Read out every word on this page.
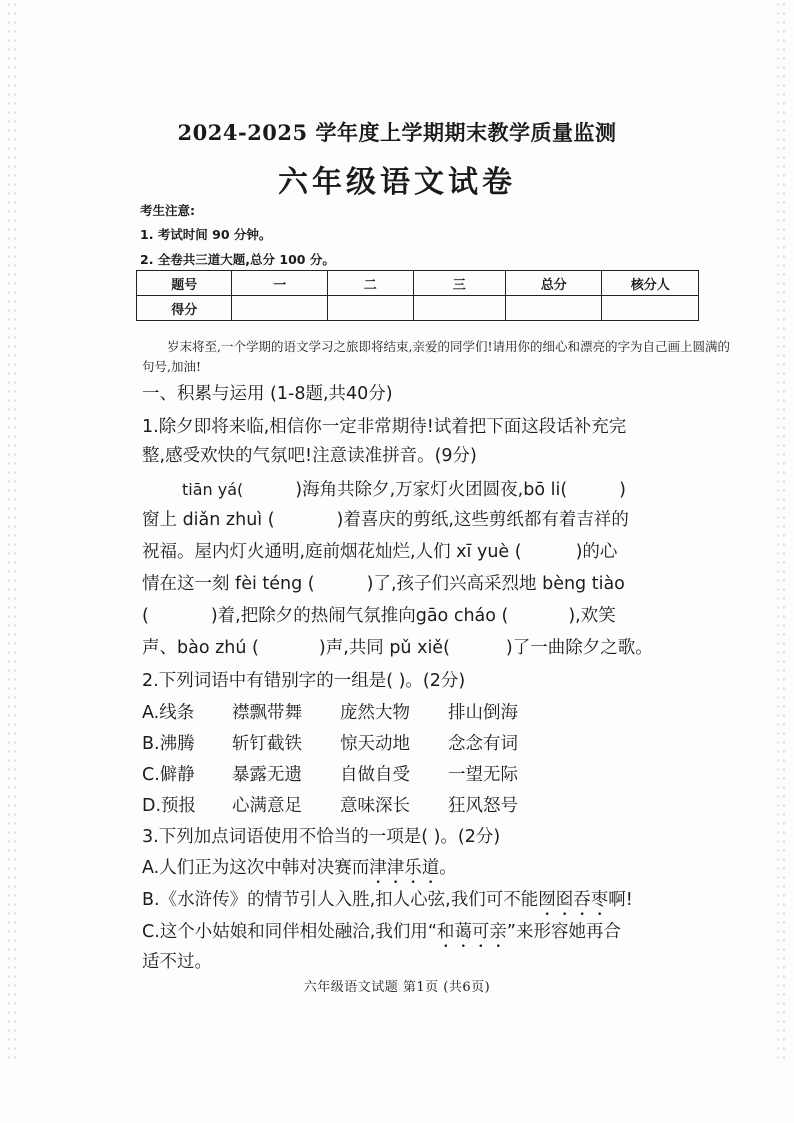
2024-2025 学年度上学期期末教学质量监测
六年级语文试卷
考生注意:
1. 考试时间 90 分钟。
2. 全卷共三道大题,总分 100 分。
题号	一	二	三	总分	核分人
得分					
岁末将至,一个学期的语文学习之旅即将结束,亲爱的同学们!请用你的细心和漂亮的字为自己画上圆满的句号,加油!
一、积累与运用 (1-8题,共40分)
1.除夕即将来临,相信你一定非常期待!试着把下面这段话补充完
整,感受欢快的气氛吧!注意读准拼音。(9分)
tiān yá(	)海角共除夕,万家灯火团圆夜,bō li(	)
窗上 diǎn zhuì (	)着喜庆的剪纸,这些剪纸都有着吉祥的
祝福。屋内灯火通明,庭前烟花灿烂,人们 xī yuè (	)的心
情在这一刻 fèi téng (	)了,孩子们兴高采烈地 bèng tiào
(	)着,把除夕的热闹气氛推向gāo cháo (	),欢笑
声、bào zhú (	)声,共同 pǔ xiě(	)了一曲除夕之歌。
2.下列词语中有错别字的一组是( )。(2分)
A.线条 襟飘带舞 庞然大物 排山倒海
B.沸腾 斩钉截铁 惊天动地 念念有词
C.僻静 暴露无遗 自做自受 一望无际
D.预报 心满意足 意味深长 狂风怒号
3.下列加点词语使用不恰当的一项是( )。(2分)
A.人们正为这次中韩对决赛而津津乐道。
B.《水浒传》的情节引人入胜,扣人心弦,我们可不能囫囵吞枣啊!
C.这个小姑娘和同伴相处融洽,我们用“和蔼可亲”来形容她再合
适不过。
六年级语文试题 第1页 (共6页)
